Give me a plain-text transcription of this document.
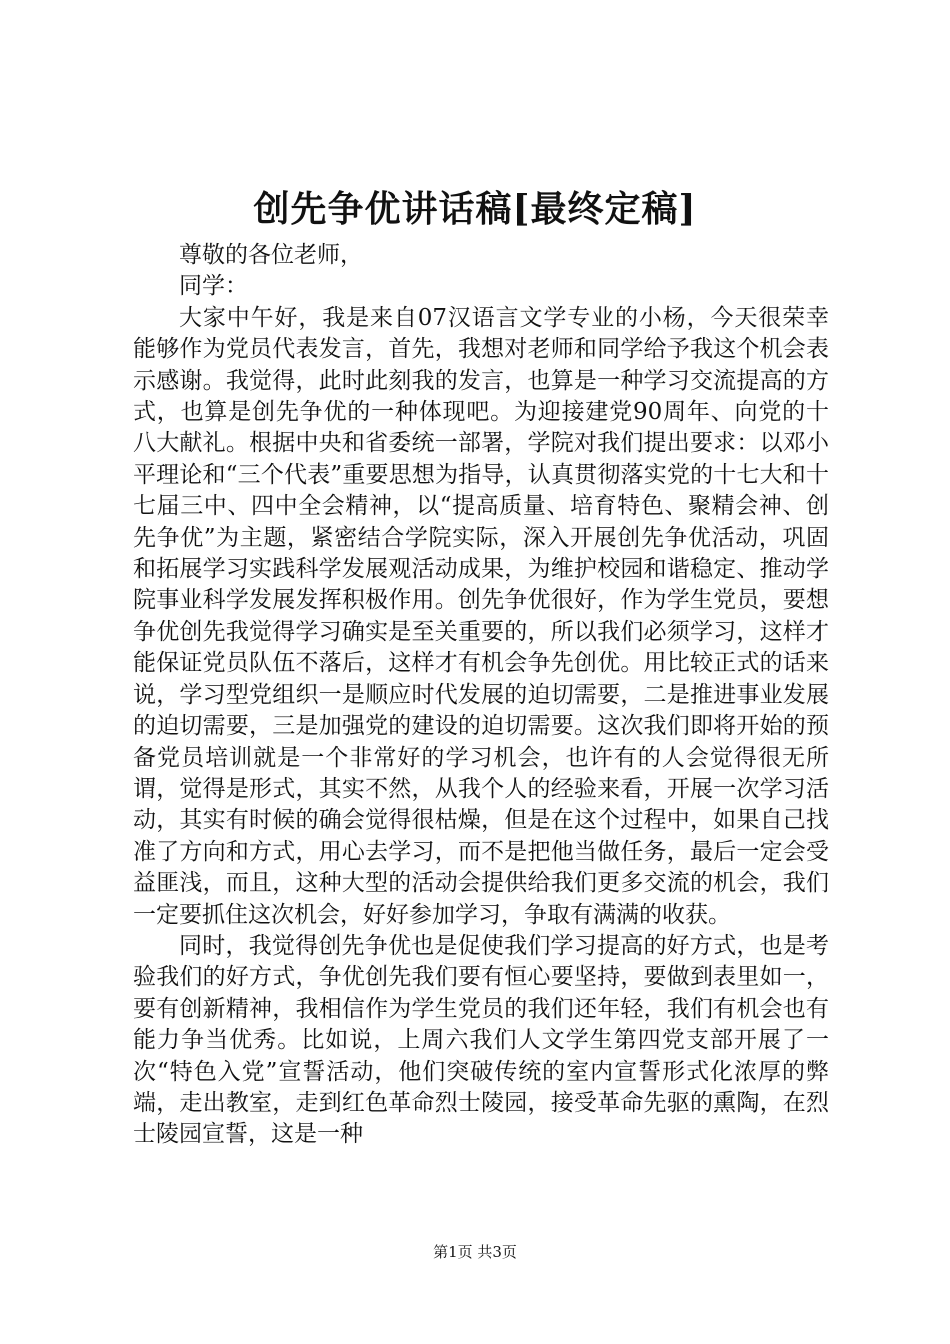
创先争优讲话稿[最终定稿]

尊敬的各位老师，

同学：

大家中午好，我是来自07汉语言文学专业的小杨，今天很荣幸能够作为党员代表发言，首先，我想对老师和同学给予我这个机会表示感谢。我觉得，此时此刻我的发言，也算是一种学习交流提高的方式，也算是创先争优的一种体现吧。为迎接建党90周年、向党的十八大献礼。根据中央和省委统一部署，学院对我们提出要求：以邓小平理论和“三个代表”重要思想为指导，认真贯彻落实党的十七大和十七届三中、四中全会精神，以“提高质量、培育特色、聚精会神、创先争优”为主题，紧密结合学院实际，深入开展创先争优活动，巩固和拓展学习实践科学发展观活动成果，为维护校园和谐稳定、推动学院事业科学发展发挥积极作用。创先争优很好，作为学生党员，要想争优创先我觉得学习确实是至关重要的，所以我们必须学习，这样才能保证党员队伍不落后，这样才有机会争先创优。用比较正式的话来说，学习型党组织一是顺应时代发展的迫切需要，二是推进事业发展的迫切需要，三是加强党的建设的迫切需要。这次我们即将开始的预备党员培训就是一个非常好的学习机会，也许有的人会觉得很无所谓，觉得是形式，其实不然，从我个人的经验来看，开展一次学习活动，其实有时候的确会觉得很枯燥，但是在这个过程中，如果自己找准了方向和方式，用心去学习，而不是把他当做任务，最后一定会受益匪浅，而且，这种大型的活动会提供给我们更多交流的机会，我们一定要抓住这次机会，好好参加学习，争取有满满的收获。

同时，我觉得创先争优也是促使我们学习提高的好方式，也是考验我们的好方式，争优创先我们要有恒心要坚持，要做到表里如一，要有创新精神，我相信作为学生党员的我们还年轻，我们有机会也有能力争当优秀。比如说，上周六我们人文学生第四党支部开展了一次“特色入党”宣誓活动，他们突破传统的室内宣誓形式化浓厚的弊端，走出教室，走到红色革命烈士陵园，接受革命先驱的熏陶，在烈士陵园宣誓，这是一种

第1页 共3页
